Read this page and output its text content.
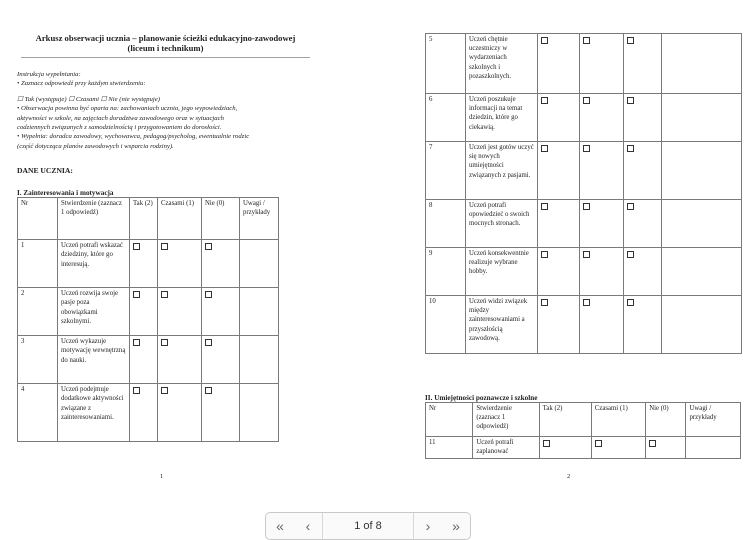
Arkusz obserwacji ucznia – planowanie ścieżki edukacyjno-zawodowej
(liceum i technikum)
Instrukcja wypełniania:
• Zaznacz odpowiedź przy każdym stwierdzeniu:
☐ Tak (występuje) ☐ Czasami ☐ Nie (nie występuje)
• Obserwacja powinna być oparta na: zachowaniach ucznia, jego wypowiedziach,
aktywności w szkole, na zajęciach doradztwa zawodowego oraz w sytuacjach
codziennych związanych z samodzielnością i przygotowaniem do dorosłości.
• Wypełnia: doradca zawodowy, wychowawca, pedagog/psycholog, ewentualnie rodzic
(część dotycząca planów zawodowych i wsparcia rodziny).
DANE UCZNIA:
I. Zainteresowania i motywacja
Nr	Stwierdzenie (zaznacz 1 odpowiedź)	Tak (2)	Czasami (1)	Nie (0)	Uwagi / przykłady
1	Uczeń potrafi wskazać dziedziny, które go interesują.				
2	Uczeń rozwija swoje pasje poza obowiązkami szkolnymi.				
3	Uczeń wykazuje motywację wewnętrzną do nauki.				
4	Uczeń podejmuje dodatkowe aktywności związane z zainteresowaniami.				
1
5	Uczeń chętnie uczestniczy w wydarzeniach szkolnych i pozaszkolnych.				
6	Uczeń poszukuje informacji na temat dziedzin, które go ciekawią.				
7	Uczeń jest gotów uczyć się nowych umiejętności związanych z pasjami.				
8	Uczeń potrafi opowiedzieć o swoich mocnych stronach.				
9	Uczeń konsekwentnie realizuje wybrane hobby.				
10	Uczeń widzi związek między zainteresowaniami a przyszłością zawodową.				
II. Umiejętności poznawcze i szkolne
Nr	Stwierdzenie (zaznacz 1 odpowiedź)	Tak (2)	Czasami (1)	Nie (0)	Uwagi / przykłady
11	Uczeń potrafi zaplanować				
2
«	‹	1 of 8	›	»
